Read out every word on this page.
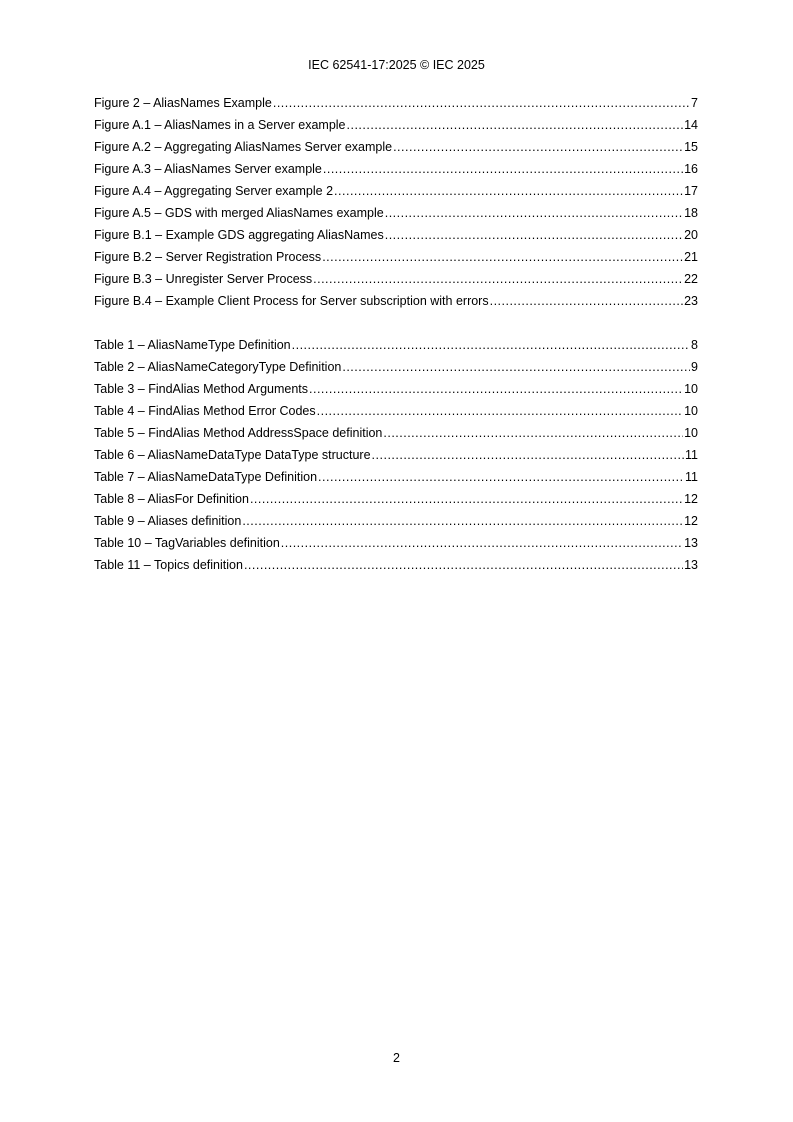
IEC 62541-17:2025 © IEC 2025
Figure 2 – AliasNames Example .....	7
Figure A.1 – AliasNames in a Server example .....	14
Figure A.2 – Aggregating AliasNames Server example .....	15
Figure A.3 – AliasNames Server example .....	16
Figure A.4 – Aggregating Server example 2 .....	17
Figure A.5 – GDS with merged AliasNames example .....	18
Figure B.1 – Example GDS aggregating AliasNames .....	20
Figure B.2 – Server Registration Process .....	21
Figure B.3 – Unregister Server Process .....	22
Figure B.4 – Example Client Process for Server subscription with errors .....	23
Table 1 – AliasNameType Definition .....	8
Table 2 – AliasNameCategoryType Definition .....	9
Table 3 – FindAlias Method Arguments .....	10
Table 4 – FindAlias Method Error Codes .....	10
Table 5 – FindAlias Method AddressSpace definition .....	10
Table 6 – AliasNameDataType DataType structure .....	11
Table 7 – AliasNameDataType Definition .....	11
Table 8 – AliasFor Definition .....	12
Table 9 – Aliases definition .....	12
Table 10 – TagVariables definition .....	13
Table 11 – Topics definition .....	13
2
